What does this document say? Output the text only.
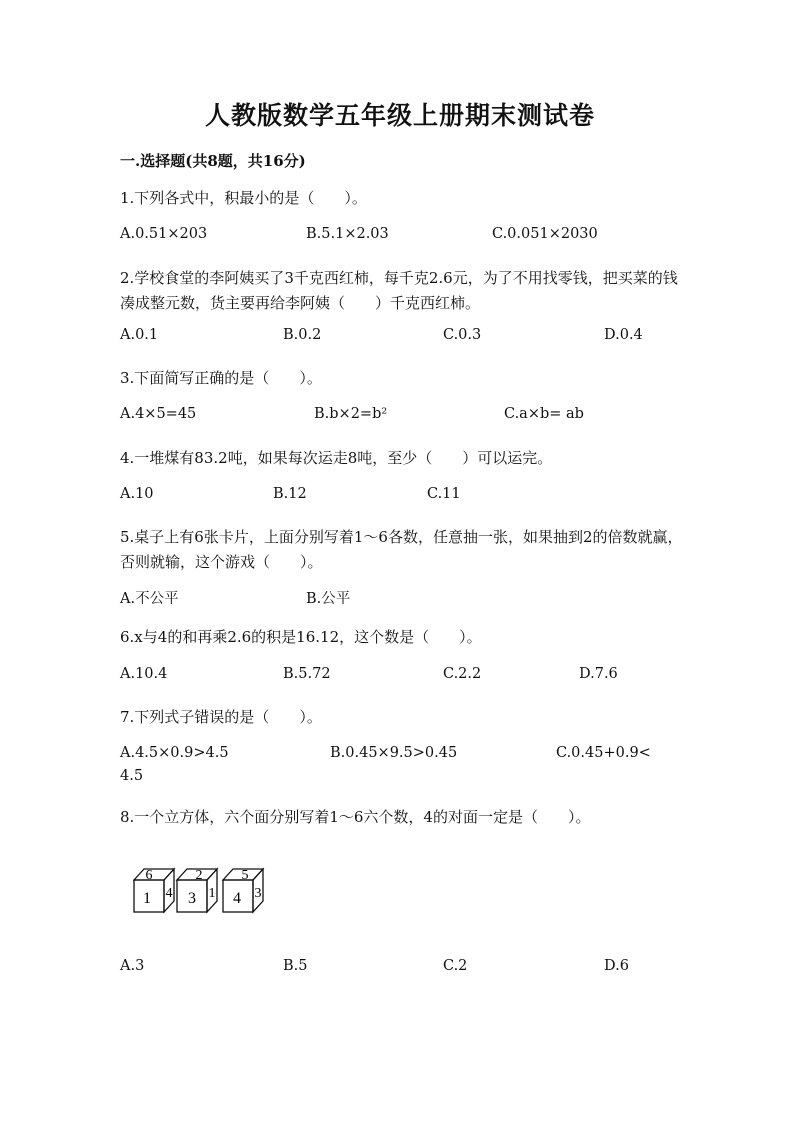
人教版数学五年级上册期末测试卷
一.选择题(共8题，共16分)
1.下列各式中，积最小的是（　　）。
A.0.51×203	B.5.1×2.03	C.0.051×2030
2.学校食堂的李阿姨买了3千克西红柿，每千克2.6元，为了不用找零钱，把买菜的钱凑成整元数，货主要再给李阿姨（　　）千克西红柿。
A.0.1	B.0.2	C.0.3	D.0.4
3.下面简写正确的是（　　）。
A.4×5=45	B.b×2=b²	C.a×b= ab
4.一堆煤有83.2吨，如果每次运走8吨，至少（　　）可以运完。
A.10	B.12	C.11
5.桌子上有6张卡片，上面分别写着1～6各数，任意抽一张，如果抽到2的倍数就赢，否则就输，这个游戏（　　）。
A.不公平	B.公平
6.x与4的和再乘2.6的积是16.12，这个数是（　　）。
A.10.4	B.5.72	C.2.2	D.7.6
7.下列式子错误的是（　　）。
A.4.5×0.9>4.5	B.0.45×9.5>0.45	C.0.45+0.9<
4.5
8.一个立方体，六个面分别写着1～6六个数，4的对面一定是（　　）。
6
1 4
2
3 1
5
4 3
A.3	B.5	C.2	D.6
